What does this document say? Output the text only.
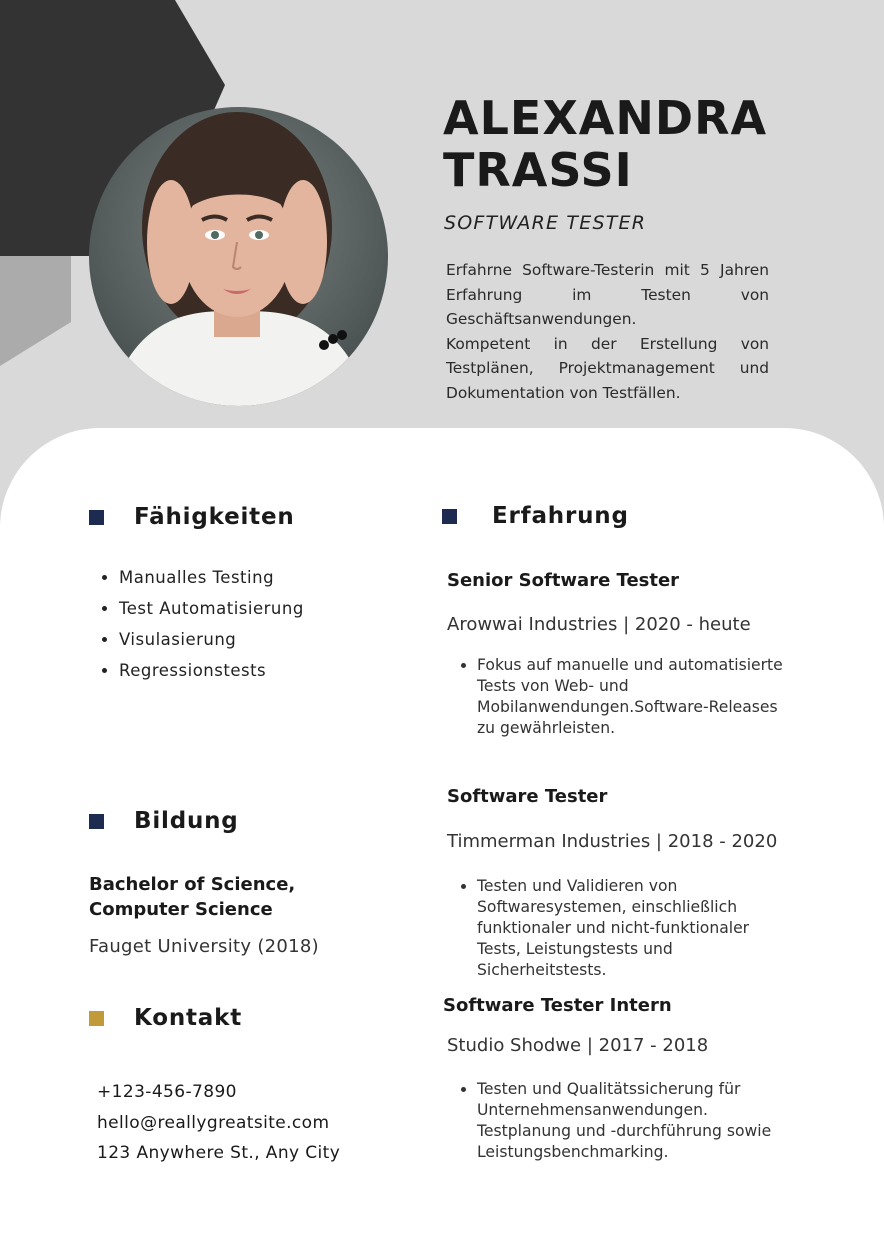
ALEXANDRA
TRASSI
SOFTWARE TESTER

Erfahrne Software-Testerin mit 5 Jahren Erfahrung im Testen von Geschäftsanwendungen.

Kompetent in der Erstellung von Testplänen, Projektmanagement und Dokumentation von Testfällen.

Fähigkeiten
• Manualles Testing
• Test Automatisierung
• Visulasierung
• Regressionstests
Bildung
Bachelor of Science,
Computer Science
Fauget University (2018)
Kontakt
+123-456-7890
hello@reallygreatsite.com
123 Anywhere St., Any City
Erfahrung
Senior Software Tester
Arowwai Industries | 2020 - heute
• Fokus auf manuelle und automatisierte Tests von Web- und Mobilanwendungen.Software-Releases zu gewährleisten.
Software Tester
Timmerman Industries | 2018 - 2020
• Testen und Validieren von Softwaresystemen, einschließlich funktionaler und nicht-funktionaler Tests, Leistungstests und Sicherheitstests.
Software Tester Intern
Studio Shodwe | 2017 - 2018
• Testen und Qualitätssicherung für Unternehmensanwendungen. Testplanung und -durchführung sowie Leistungsbenchmarking.
